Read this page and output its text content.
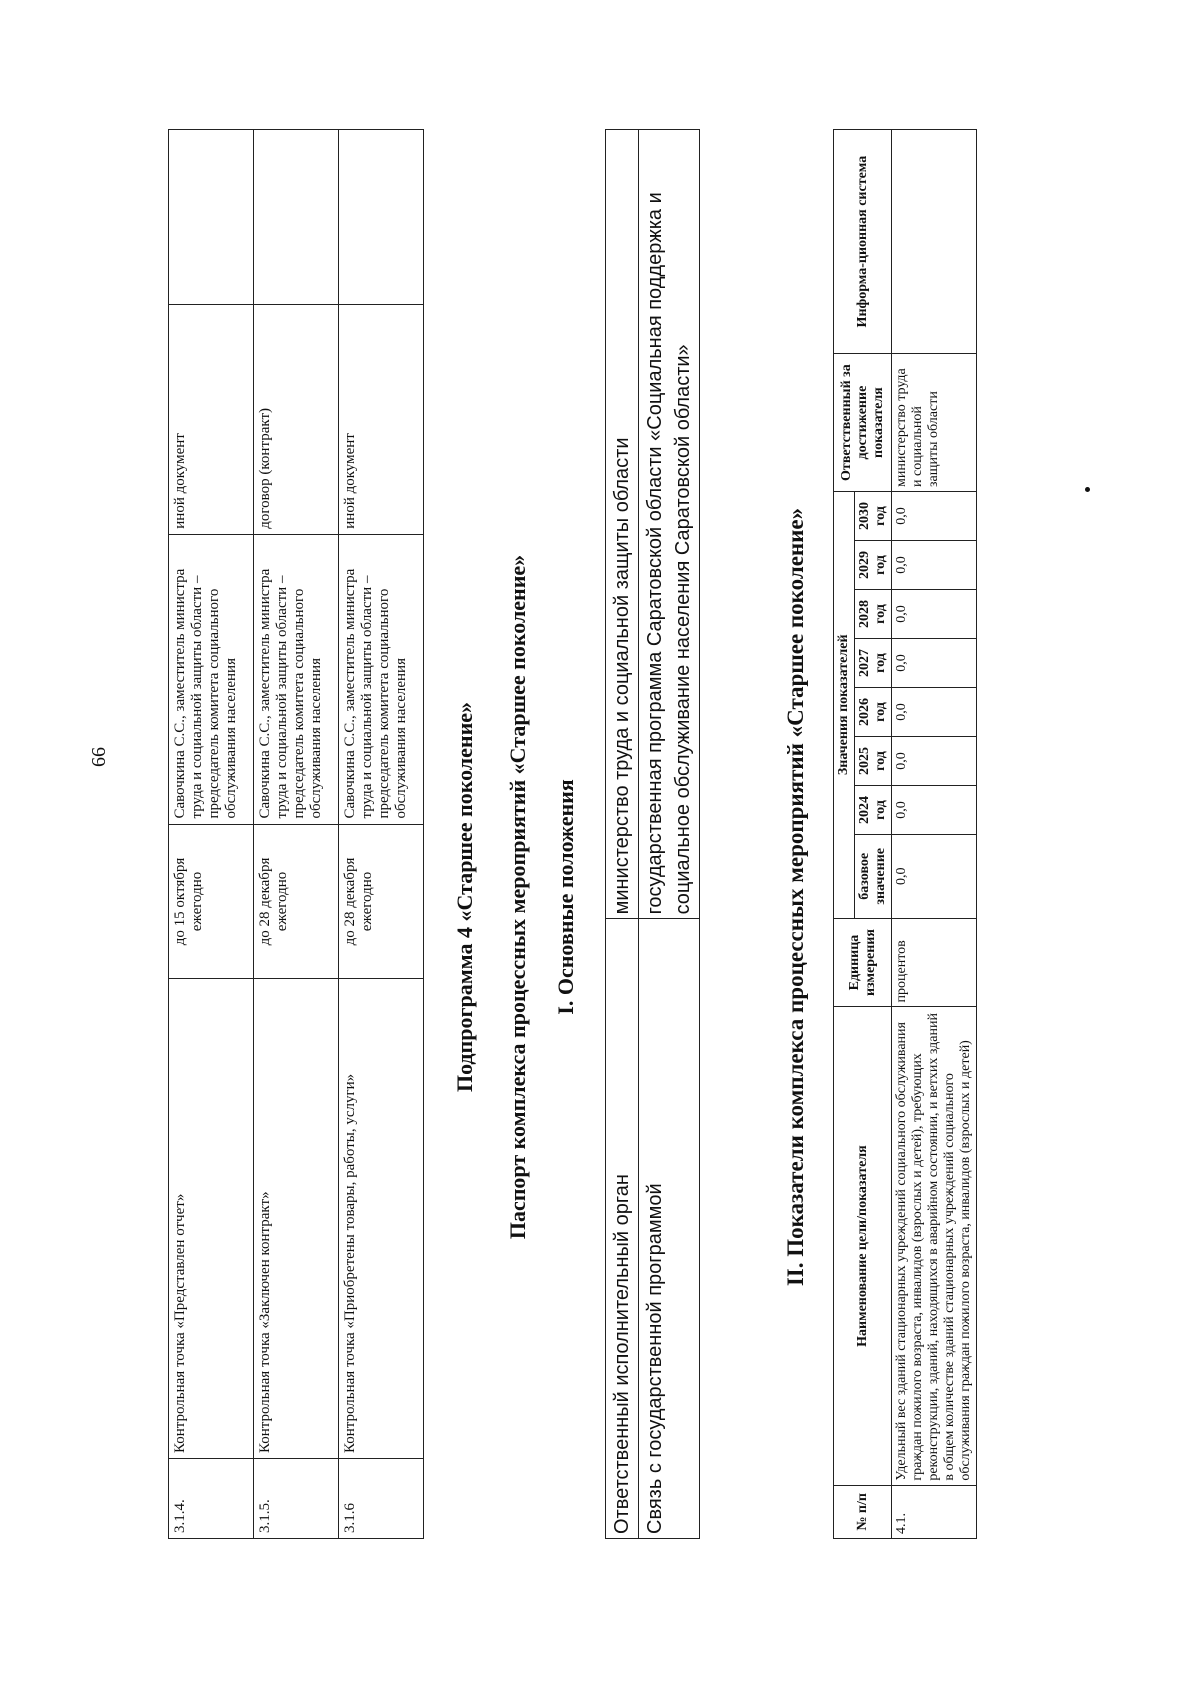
66
3.1.4.	Контрольная точка «Представлен отчет»	до 15 октября ежегодно	Савочкина С.С., заместитель министра труда и социальной защиты области – председатель комитета социального обслуживания населения	иной документ	
3.1.5.	Контрольная точка «Заключен контракт»	до 28 декабря ежегодно	Савочкина С.С., заместитель министра труда и социальной защиты области – председатель комитета социального обслуживания населения	договор (контракт)	
3.1.6	Контрольная точка «Приобретены товары, работы, услуги»	до 28 декабря ежегодно	Савочкина С.С., заместитель министра труда и социальной защиты области – председатель комитета социального обслуживания населения	иной документ	
Подпрограмма 4 «Старшее поколение» Паспорт комплекса процессных мероприятий «Старшее поколение» I. Основные положения
Ответственный исполнительный орган	министерство труда и социальной защиты области
Связь с государственной программой	государственная программа Саратовской области «Социальная поддержка и социальное обслуживание населения Саратовской области»	II. Показатели комплекса процессных мероприятий «Старшее поколение»
№ п/п	Наименование цели/показателя	Единица измерения	Значения показателей								Ответственный за достижение показателя	Информа-ционная система
			базовое значение	2024 год	2025 год	2026 год	2027 год	2028 год	2029 год	2030 год		
4.1.	Удельный вес зданий стационарных учреждений социального обслуживания граждан пожилого возраста, инвалидов (взрослых и детей), требующих реконструкции, зданий, находящихся в аварийном состоянии, и ветхих зданий в общем количестве зданий стационарных учреждений социального обслуживания граждан пожилого возраста, инвалидов (взрослых и детей)	процентов	0,0	0,0	0,0	0,0	0,0	0,0	0,0	0,0	министерство труда и социальной защиты области	
